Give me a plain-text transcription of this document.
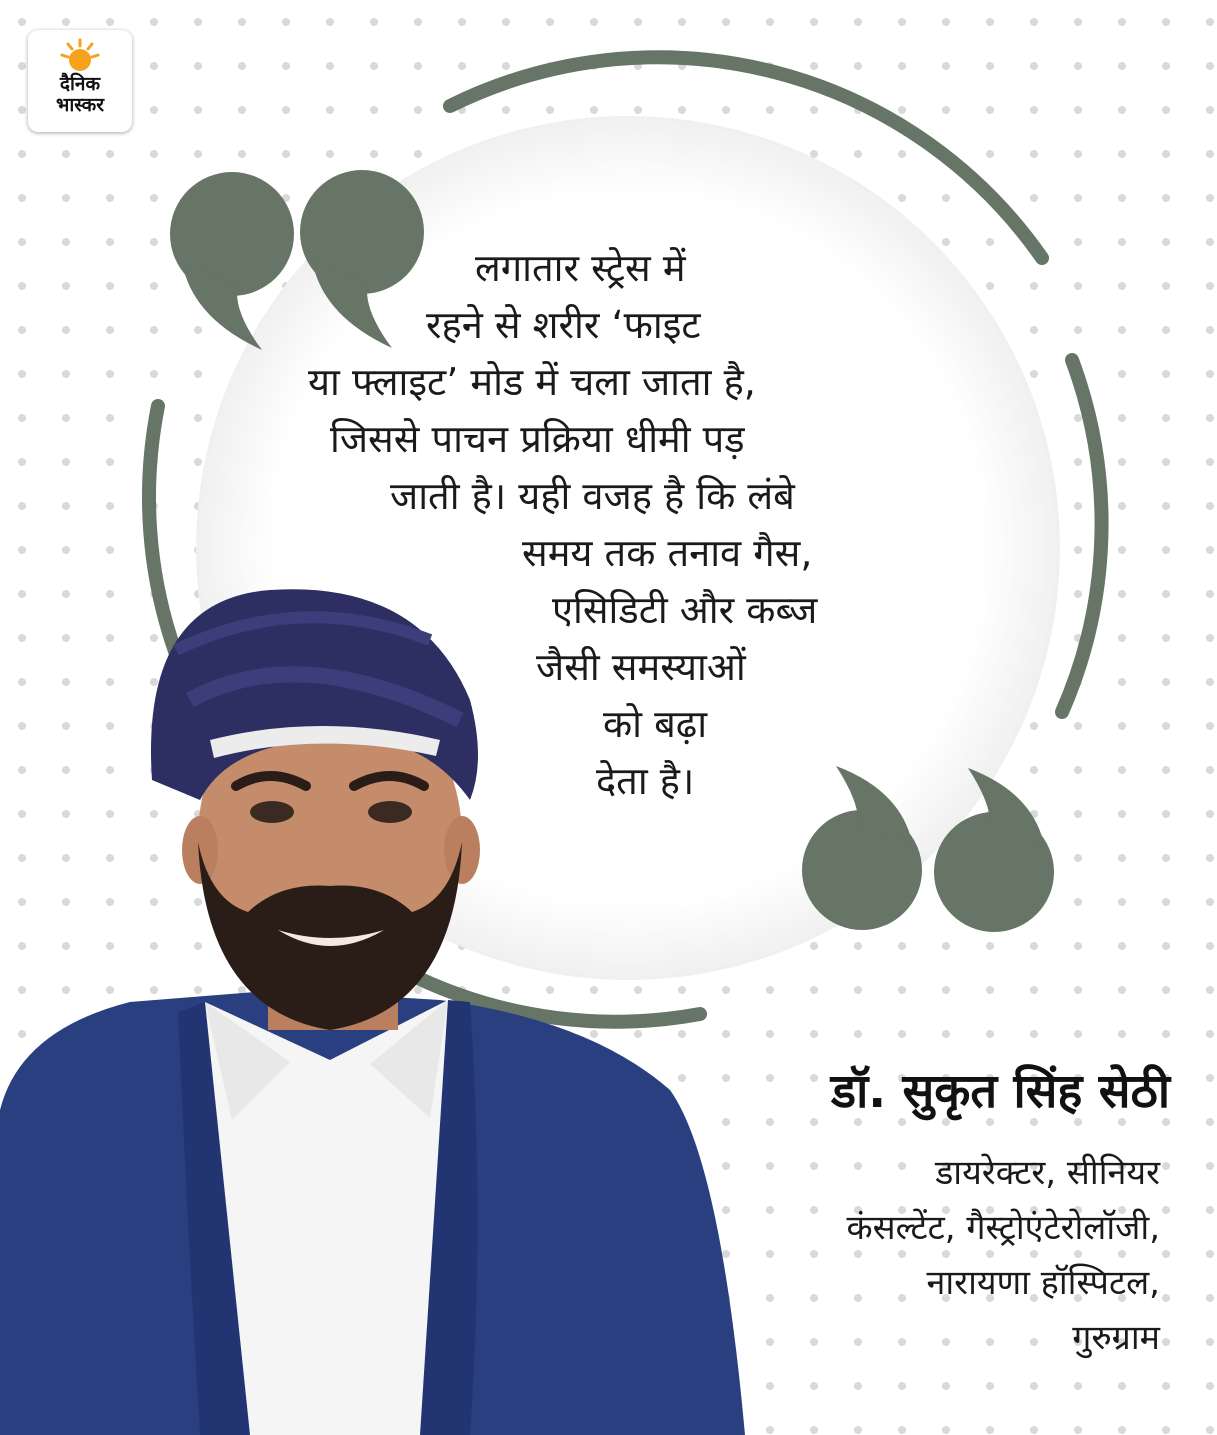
दैनिक
भास्कर

लगातार स्ट्रेस में
रहने से शरीर ‘फाइट
या फ्लाइट’ मोड में चला जाता है,
जिससे पाचन प्रक्रिया धीमी पड़
जाती है। यही वजह है कि लंबे
समय तक तनाव गैस,
एसिडिटी और कब्ज
जैसी समस्याओं
को बढ़ा
देता है।

डॉ. सुकृत सिंह सेठी

डायरेक्टर, सीनियर
कंसल्टेंट, गैस्ट्रोएंटेरोलॉजी,
नारायणा हॉस्पिटल,
गुरुग्राम
